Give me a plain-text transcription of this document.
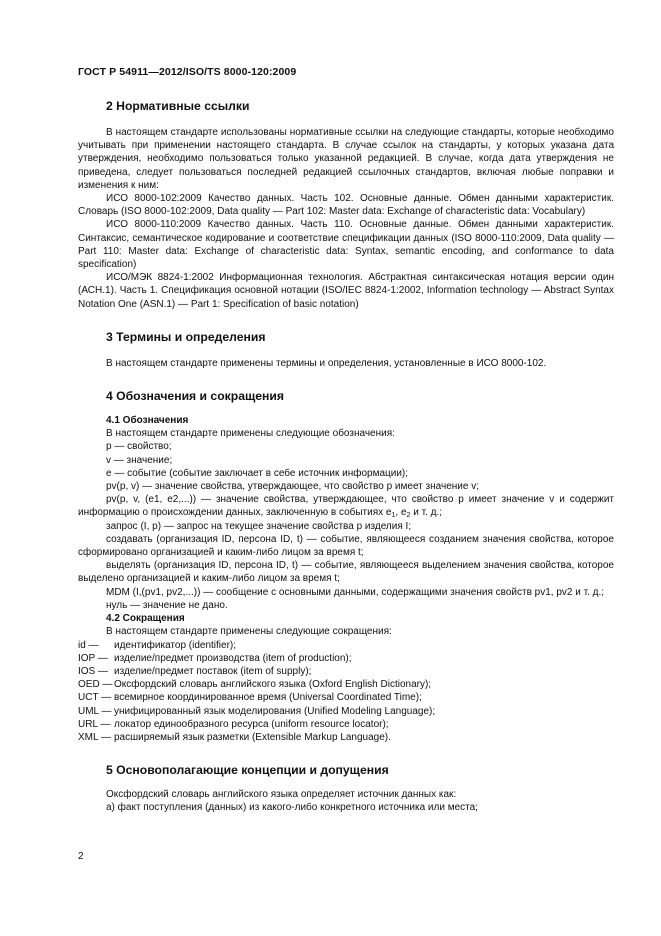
ГОСТ Р 54911—2012/ISO/TS 8000-120:2009
2 Нормативные ссылки

В настоящем стандарте использованы нормативные ссылки на следующие стандарты, которые необходимо учитывать при применении настоящего стандарта. В случае ссылок на стандарты, у которых указана дата утверждения, необходимо пользоваться только указанной редакцией. В случае, когда дата утверждения не приведена, следует пользоваться последней редакцией ссылочных стандартов, включая любые поправки и изменения к ним:

ИСО 8000-102:2009 Качество данных. Часть 102. Основные данные. Обмен данными характеристик. Словарь (ISO 8000-102:2009, Data quality — Part 102: Master data: Exchange of characteristic data: Vocabulary)

ИСО 8000-110:2009 Качество данных. Часть 110. Основные данные. Обмен данными характеристик. Синтаксис, семантическое кодирование и соответствие спецификации данных (ISO 8000-110:2009, Data quality — Part 110: Master data: Exchange of characteristic data: Syntax, semantic encoding, and conformance to data specification)

ИСО/МЭК 8824-1:2002 Информационная технология. Абстрактная синтаксическая нотация версии один (АСН.1). Часть 1. Спецификация основной нотации (ISO/IEC 8824-1:2002, Information technology — Abstract Syntax Notation One (ASN.1) — Part 1: Specification of basic notation)

3 Термины и определения

В настоящем стандарте применены термины и определения, установленные в ИСО 8000-102.

4 Обозначения и сокращения
4.1 Обозначения

В настоящем стандарте применены следующие обозначения:

p — свойство;

v — значение;

e — событие (событие заключает в себе источник информации);

pv(p, v) — значение свойства, утверждающее, что свойство p имеет значение v;

pv(p, v, (e1, e2,...)) — значение свойства, утверждающее, что свойство p имеет значение v и содержит информацию о происхождении данных, заключенную в событиях $e_1$, $e_2$ и т. д.;

запрос (I, p) — запрос на текущее значение свойства p изделия I;

создавать (организация ID, персона ID, t) — событие, являющееся созданием значения свойства, которое сформировано организацией и каким-либо лицом за время t;

выделять (организация ID, персона ID, t) — событие, являющееся выделением значения свойства, которое выделено организацией и каким-либо лицом за время t;

MDM (I,(pv1, pv2,...)) — сообщение с основными данными, содержащими значения свойств pv1, pv2 и т. д.;

нуль — значение не дано.

4.2 Сокращения

В настоящем стандарте применены следующие сокращения:

id —	идентификатор (identifier);
IOP — изделие/предмет производства (item of production);
IOS — изделие/предмет поставок (item of supply);
OED — Оксфордский словарь английского языка (Oxford English Dictionary);
UCT — всемирное координированное время (Universal Coordinated Time);
UML — унифицированный язык моделирования (Unified Modeling Language);
URL — локатор единообразного ресурса (uniform resource locator);
XML — расширяемый язык разметки (Extensible Markup Language).
5 Основополагающие концепции и допущения

Оксфордский словарь английского языка определяет источник данных как:

а) факт поступления (данных) из какого-либо конкретного источника или места;

2
